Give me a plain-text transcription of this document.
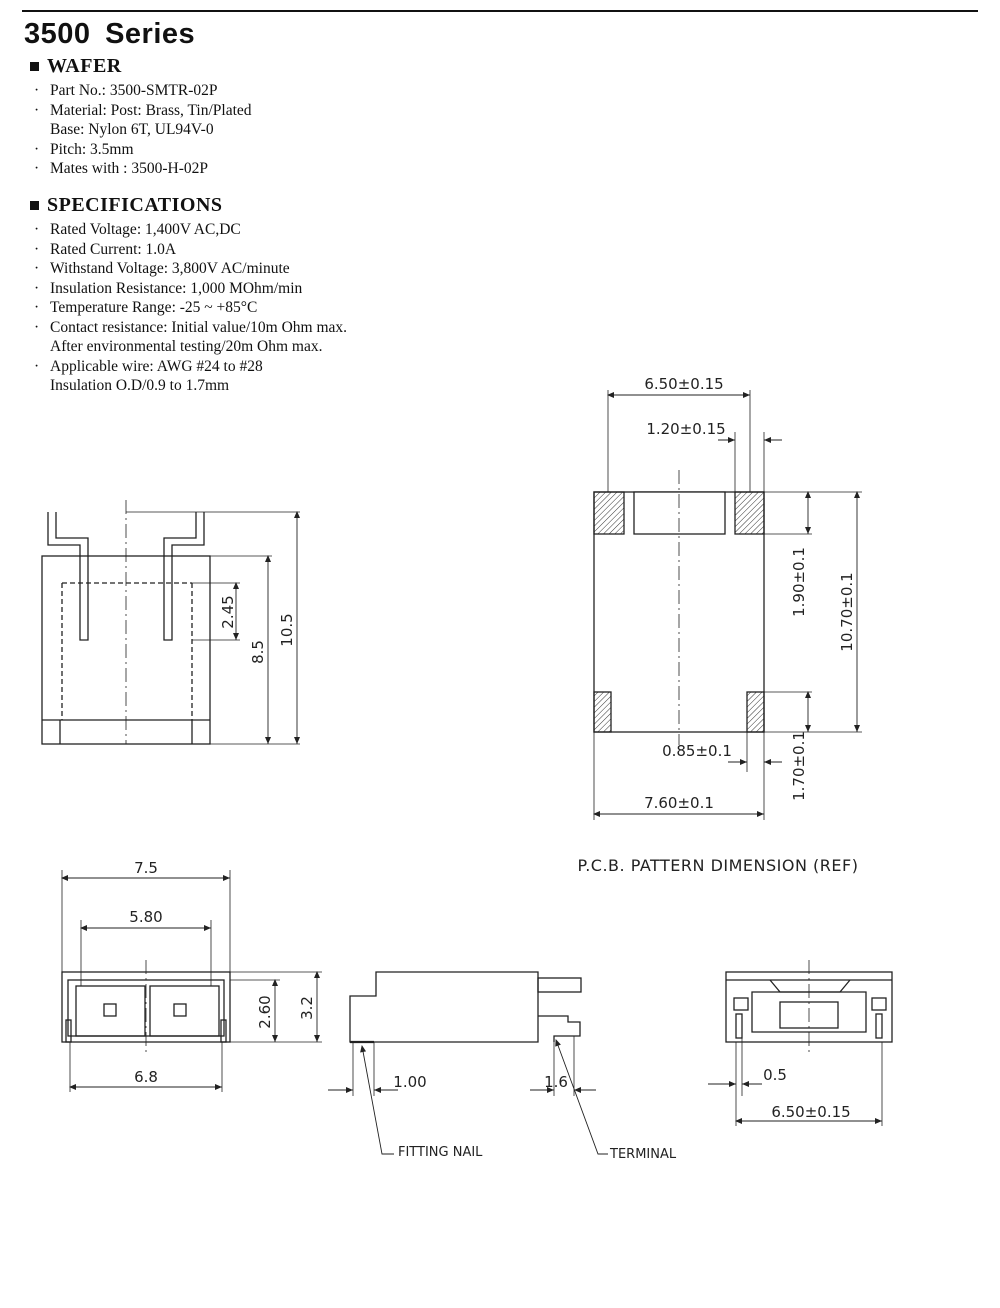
3500 Series
WAFER
· Part No.: 3500-SMTR-02P
· Material: Post: Brass, Tin/Plated
Base: Nylon 6T, UL94V-0
· Pitch: 3.5mm
· Mates with : 3500-H-02P
SPECIFICATIONS
· Rated Voltage: 1,400V AC,DC
· Rated Current: 1.0A
· Withstand Voltage: 3,800V AC/minute
· Insulation Resistance: 1,000 MOhm/min
· Temperature Range: -25 ~ +85°C
· Contact resistance: Initial value/10m Ohm max.
After environmental testing/20m Ohm max.
· Applicable wire: AWG #24 to #28
Insulation O.D/0.9 to 1.7mm
2.45
8.5
10.5
6.50±0.15
1.20±0.15
1.90±0.1 10.70±0.1
0.85±0.1	1.70±0.1
7.60±0.1
P.C.B. PATTERN DIMENSION (REF)
7.5
5.80
2.60 3.2
6.8	1.00	1.6
FITTING NAIL	TERMINAL
0.5
6.50±0.15
